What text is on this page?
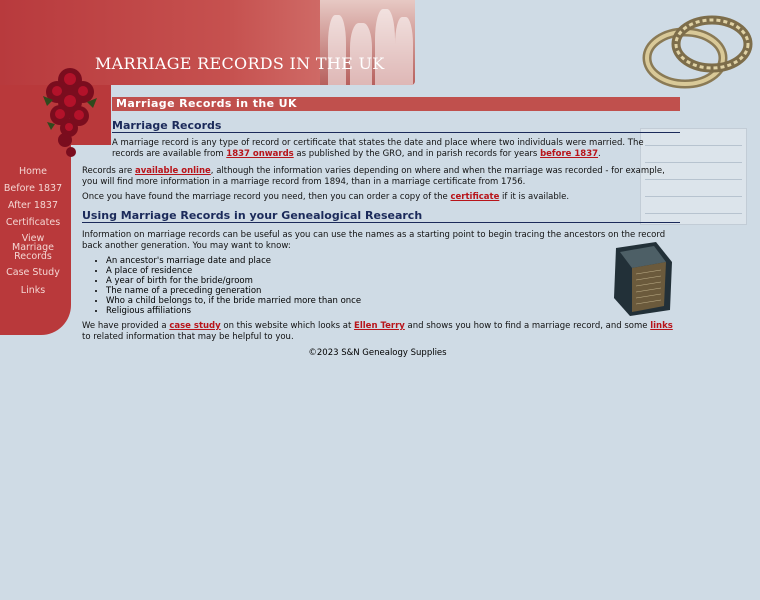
MARRIAGE RECORDS IN THE UK
Home
Before 1837
After 1837
Certificates
View Marriage Records
Case Study
Links
Marriage Records in the UK
Marriage Records

A marriage record is any type of record or certificate that states the date and place where two individuals were married. The records are available from 1837 onwards as published by the GRO, and in parish records for years before 1837.

Records are available online, although the information varies depending on where and when the marriage was recorded - for example, you will find more information in a marriage record from 1894, than in a marriage certificate from 1756.

Once you have found the marriage record you need, then you can order a copy of the certificate if it is available.

Using Marriage Records in your Genealogical Research

Information on marriage records can be useful as you can use the names as a starting point to begin tracing the ancestors on the record back another generation. You may want to know:

• An ancestor's marriage date and place
• A place of residence
• A year of birth for the bride/groom
• The name of a preceding generation
• Who a child belongs to, if the bride married more than once
• Religious affiliations

We have provided a case study on this website which looks at Ellen Terry and shows you how to find a marriage record, and some links to related information that may be helpful to you.

©2023 S&N Genealogy Supplies
